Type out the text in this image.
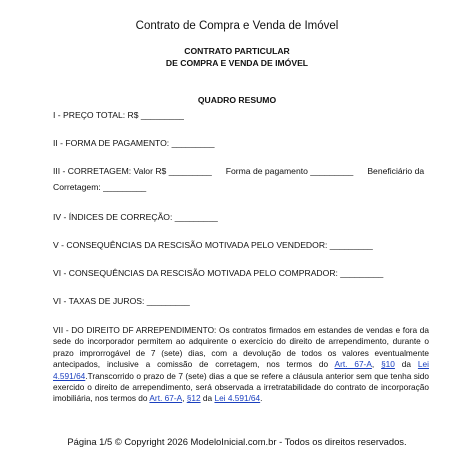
Contrato de Compra e Venda de Imóvel
CONTRATO PARTICULAR
DE COMPRA E VENDA DE IMÓVEL
QUADRO RESUMO
I - PREÇO TOTAL: R$ _________
II - FORMA DE PAGAMENTO: _________
III - CORRETAGEM: Valor R$ _________ Forma de pagamento _________ Beneficiário da
Corretagem: _________
IV - ÍNDICES DE CORREÇÃO: _________
V - CONSEQUÊNCIAS DA RESCISÃO MOTIVADA PELO VENDEDOR: _________
VI - CONSEQUÊNCIAS DA RESCISÃO MOTIVADA PELO COMPRADOR: _________
VI - TAXAS DE JUROS: _________
VII - DO DIREITO DF ARREPENDIMENTO: Os contratos firmados em estandes de vendas e fora da sede do incorporador permitem ao adquirente o exercício do direito de arrependimento, durante o prazo improrrogável de 7 (sete) dias, com a devolução de todos os valores eventualmente antecipados, inclusive a comissão de corretagem, nos termos do Art. 67-A, §10 da Lei 4.591/64.Transcorrido o prazo de 7 (sete) dias a que se refere a cláusula anterior sem que tenha sido exercido o direito de arrependimento, será observada a irretratabilidade do contrato de incorporação imobiliária, nos termos do Art. 67-A, §12 da Lei 4.591/64.
Página 1/5 © Copyright 2026 ModeloInicial.com.br - Todos os direitos reservados.
